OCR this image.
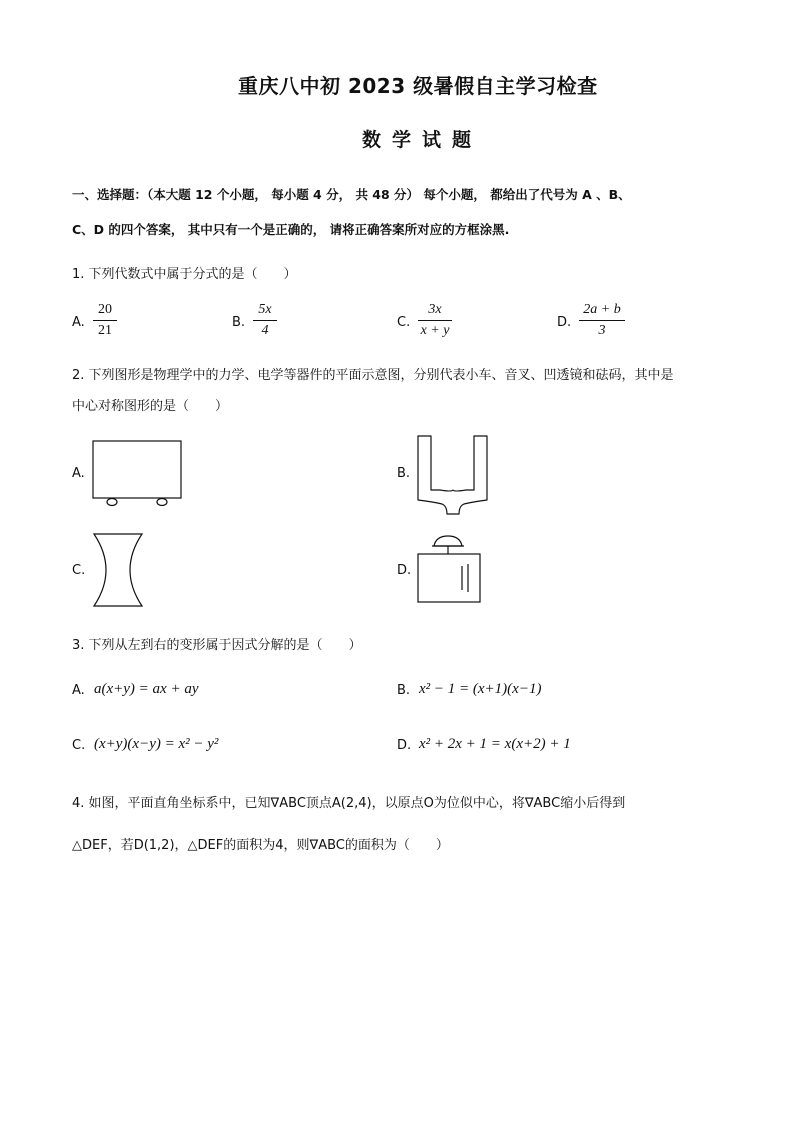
重庆八中初 2023 级暑假自主学习检查
数学试题
一、选择题：（本大题 12 个小题， 每小题 4 分， 共 48 分） 每个小题， 都给出了代号为 A 、B、
C、D 的四个答案， 其中只有一个是正确的， 请将正确答案所对应的方框涂黑.
1. 下列代数式中属于分式的是（　　）
A.
20
21
B.
5x
4
C.
3x
x + y
D.
2a + b
3
2. 下列图形是物理学中的力学、电学等器件的平面示意图，分别代表小车、音叉、凹透镜和砝码，其中是
中心对称图形的是（　　）
A.	B.
C.	D.
3. 下列从左到右的变形属于因式分解的是（　　）
A. a(x+y) = ax + ay	B. x² − 1 = (x+1)(x−1)
C. (x+y)(x−y) = x² − y²	D. x² + 2x + 1 = x(x+2) + 1
4. 如图，平面直角坐标系中，已知∇ABC顶点A(2,4)，以原点O为位似中心，将∇ABC缩小后得到
△DEF，若D(1,2)，△DEF的面积为4，则∇ABC的面积为（　　）
